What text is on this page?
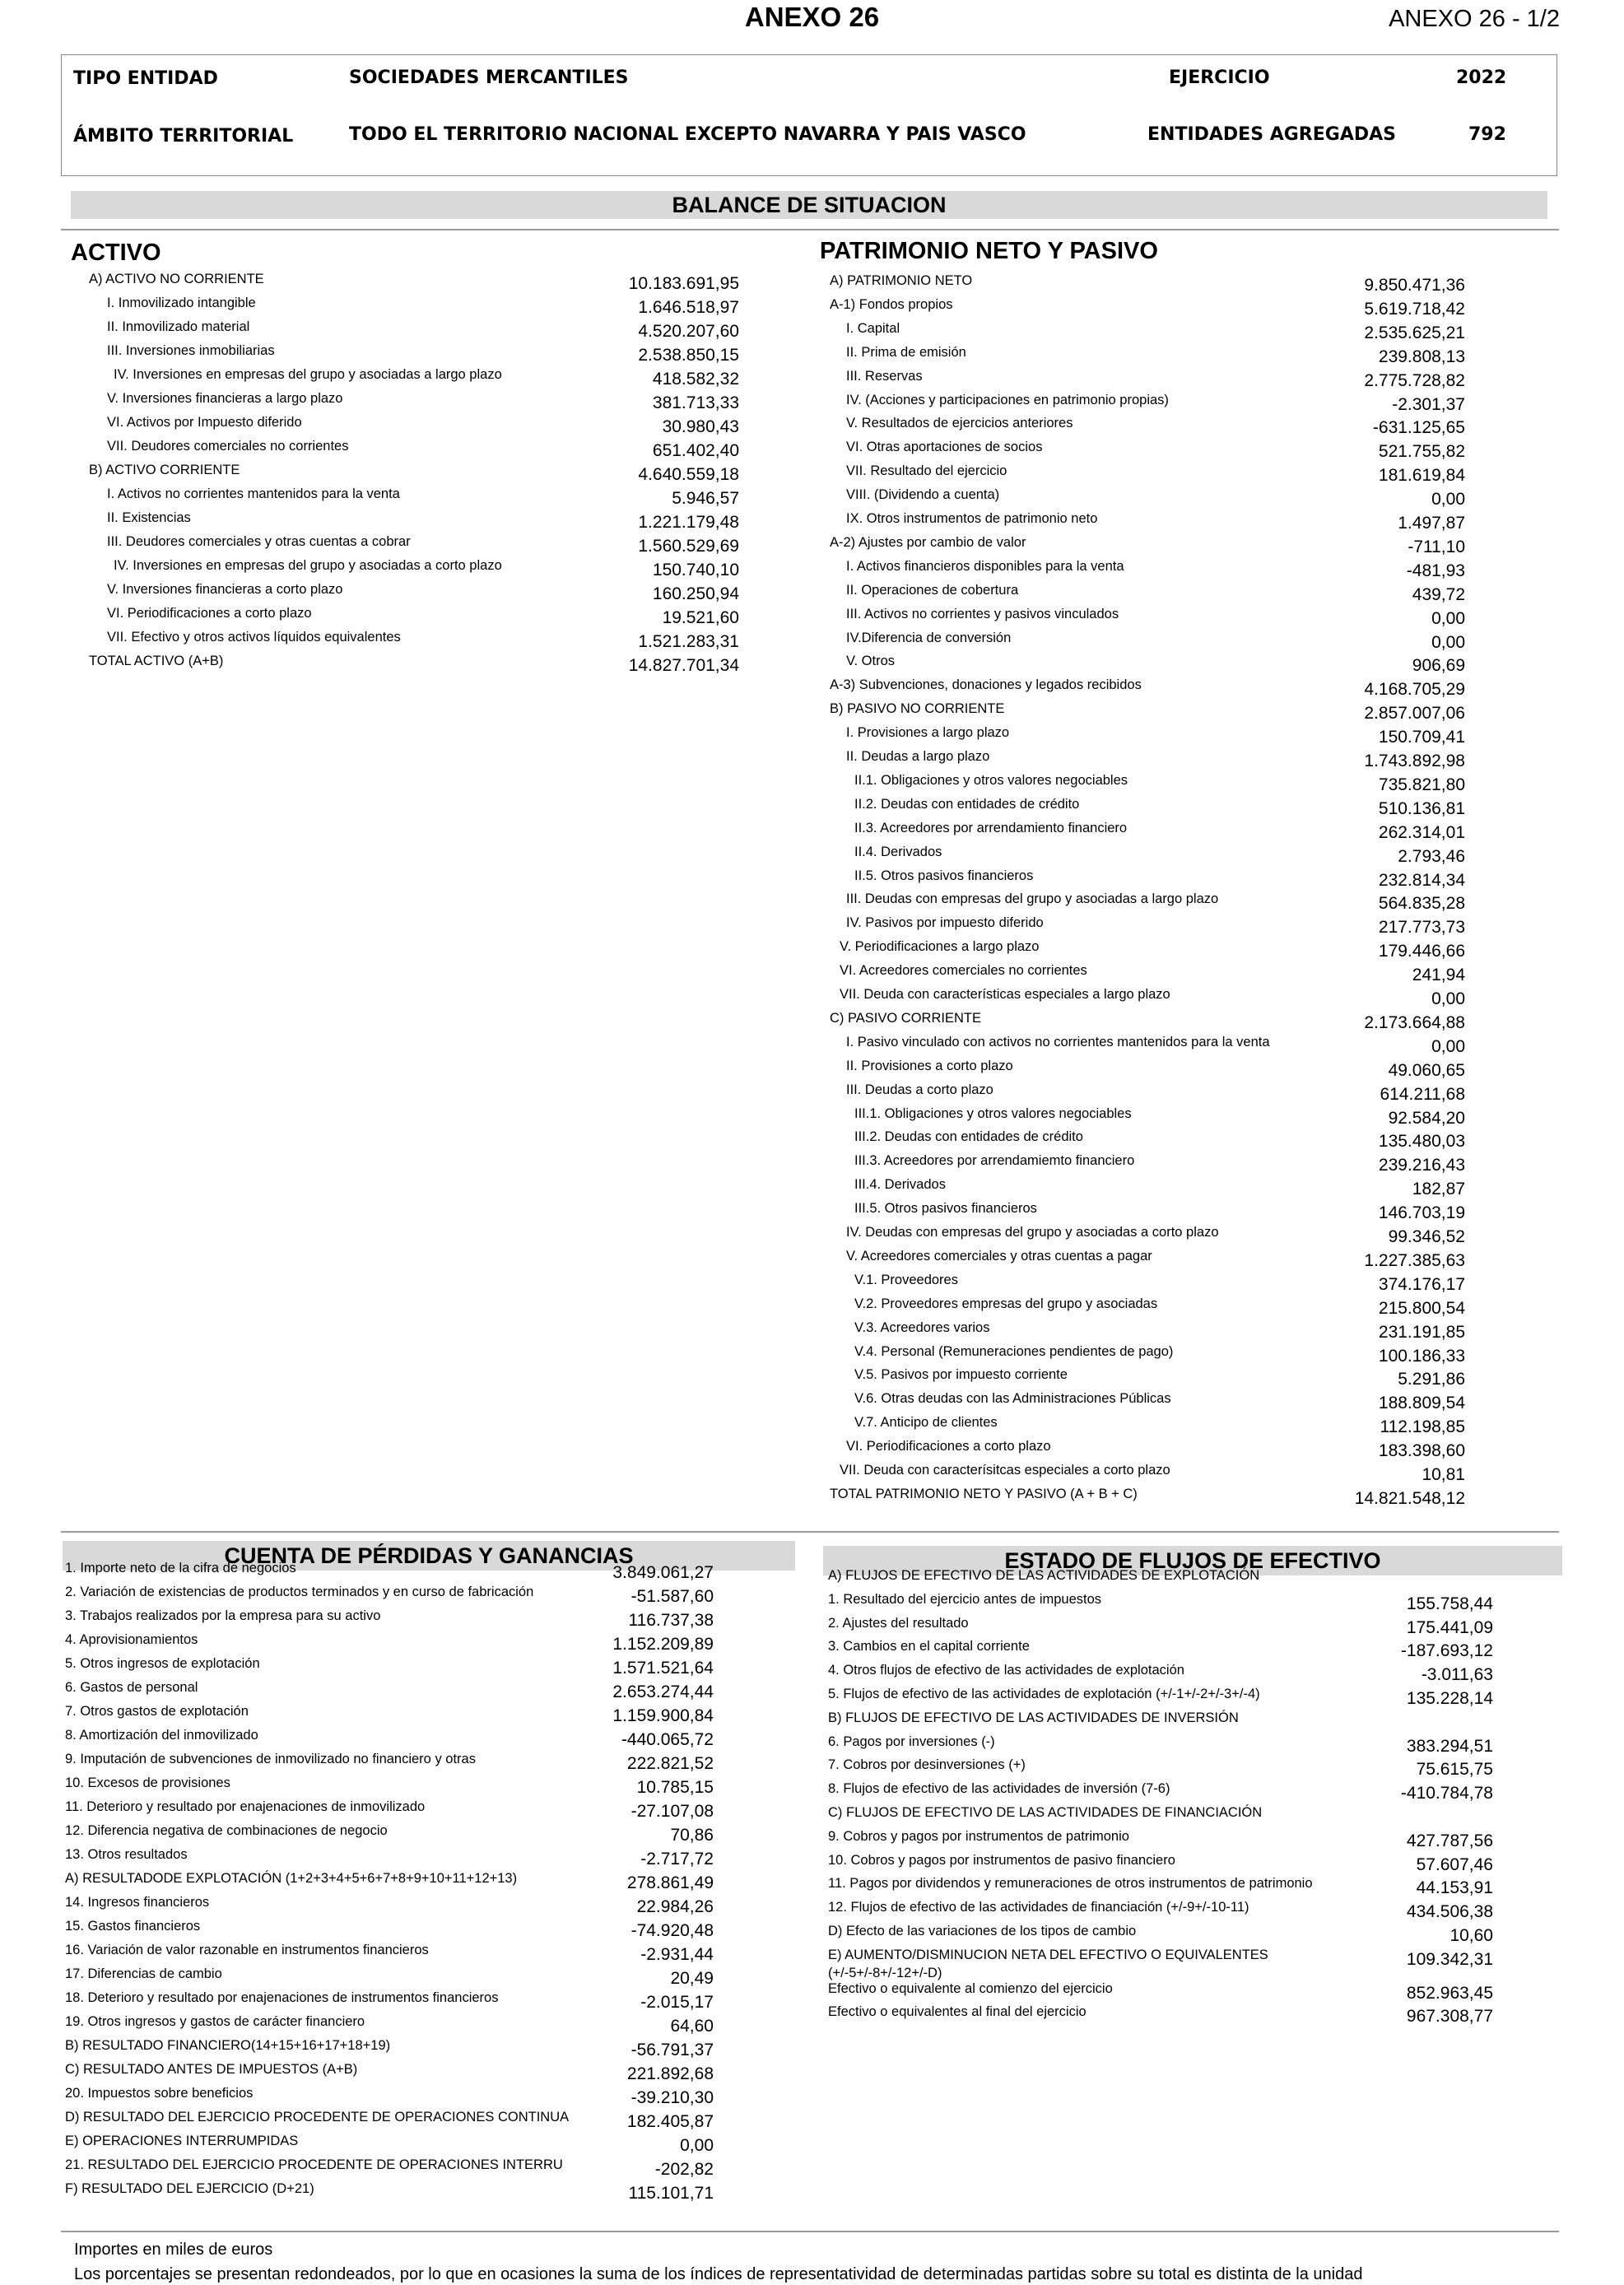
ANEXO 26	ANEXO 26 - 1/2
TIPO ENTIDAD	SOCIEDADES MERCANTILES	EJERCICIO	2022
ÁMBITO TERRITORIAL	TODO EL TERRITORIO NACIONAL EXCEPTO NAVARRA Y PAIS VASCO	ENTIDADES AGREGADAS	792
BALANCE DE SITUACION
ACTIVO	PATRIMONIO NETO Y PASIVO
A) ACTIVO NO CORRIENTE	10.183.691,95
I. Inmovilizado intangible	1.646.518,97
II. Inmovilizado material	4.520.207,60
III. Inversiones inmobiliarias	2.538.850,15
IV. Inversiones en empresas del grupo y asociadas a largo plazo	418.582,32
V. Inversiones financieras a largo plazo	381.713,33
VI. Activos por Impuesto diferido	30.980,43
VII. Deudores comerciales no corrientes	651.402,40
B) ACTIVO CORRIENTE	4.640.559,18
I. Activos no corrientes mantenidos para la venta	5.946,57
II. Existencias	1.221.179,48
III. Deudores comerciales y otras cuentas a cobrar	1.560.529,69
IV. Inversiones en empresas del grupo y asociadas a corto plazo	150.740,10
V. Inversiones financieras a corto plazo	160.250,94
VI. Periodificaciones a corto plazo	19.521,60
VII. Efectivo y otros activos líquidos equivalentes	1.521.283,31
TOTAL ACTIVO (A+B)	14.827.701,34
A) PATRIMONIO NETO	9.850.471,36
A-1) Fondos propios	5.619.718,42
I. Capital	2.535.625,21
II. Prima de emisión	239.808,13
III. Reservas	2.775.728,82
IV. (Acciones y participaciones en patrimonio propias)	-2.301,37
V. Resultados de ejercicios anteriores	-631.125,65
VI. Otras aportaciones de socios	521.755,82
VII. Resultado del ejercicio	181.619,84
VIII. (Dividendo a cuenta)	0,00
IX. Otros instrumentos de patrimonio neto	1.497,87
A-2) Ajustes por cambio de valor	-711,10
I. Activos financieros disponibles para la venta	-481,93
II. Operaciones de cobertura	439,72
III. Activos no corrientes y pasivos vinculados	0,00
IV.Diferencia de conversión	0,00
V. Otros	906,69
A-3) Subvenciones, donaciones y legados recibidos	4.168.705,29
B) PASIVO NO CORRIENTE	2.857.007,06
I. Provisiones a largo plazo	150.709,41
II. Deudas a largo plazo	1.743.892,98
II.1. Obligaciones y otros valores negociables	735.821,80
II.2. Deudas con entidades de crédito	510.136,81
II.3. Acreedores por arrendamiento financiero	262.314,01
II.4. Derivados	2.793,46
II.5. Otros pasivos financieros	232.814,34
III. Deudas con empresas del grupo y asociadas a largo plazo	564.835,28
IV. Pasivos por impuesto diferido	217.773,73
V. Periodificaciones a largo plazo	179.446,66
VI. Acreedores comerciales no corrientes	241,94
VII. Deuda con características especiales a largo plazo	0,00
C) PASIVO CORRIENTE	2.173.664,88
I. Pasivo vinculado con activos no corrientes mantenidos para la venta	0,00
II. Provisiones a corto plazo	49.060,65
III. Deudas a corto plazo	614.211,68
III.1. Obligaciones y otros valores negociables	92.584,20
III.2. Deudas con entidades de crédito	135.480,03
III.3. Acreedores por arrendamiemto financiero	239.216,43
III.4. Derivados	182,87
III.5. Otros pasivos financieros	146.703,19
IV. Deudas con empresas del grupo y asociadas a corto plazo	99.346,52
V. Acreedores comerciales y otras cuentas a pagar	1.227.385,63
V.1. Proveedores	374.176,17
V.2. Proveedores empresas del grupo y asociadas	215.800,54
V.3. Acreedores varios	231.191,85
V.4. Personal (Remuneraciones pendientes de pago)	100.186,33
V.5. Pasivos por impuesto corriente	5.291,86
V.6. Otras deudas con las Administraciones Públicas	188.809,54
V.7. Anticipo de clientes	112.198,85
VI. Periodificaciones a corto plazo	183.398,60
VII. Deuda con caracterísitcas especiales a corto plazo	10,81
TOTAL PATRIMONIO NETO Y PASIVO (A + B + C)	14.821.548,12
CUENTA DE PÉRDIDAS Y GANANCIAS
1. Importe neto de la cifra de negocios	3.849.061,27
2. Variación de existencias de productos terminados y en curso de fabricación	-51.587,60
3. Trabajos realizados por la empresa para su activo	116.737,38
4. Aprovisionamientos	1.152.209,89
5. Otros ingresos de explotación	1.571.521,64
6. Gastos de personal	2.653.274,44
7. Otros gastos de explotación	1.159.900,84
8. Amortización del inmovilizado	-440.065,72
9. Imputación de subvenciones de inmovilizado no financiero y otras	222.821,52
10. Excesos de provisiones	10.785,15
11. Deterioro y resultado por enajenaciones de inmovilizado	-27.107,08
12. Diferencia negativa de combinaciones de negocio	70,86
13. Otros resultados	-2.717,72
A) RESULTADODE EXPLOTACIÓN (1+2+3+4+5+6+7+8+9+10+11+12+13)	278.861,49
14. Ingresos financieros	22.984,26
15. Gastos financieros	-74.920,48
16. Variación de valor razonable en instrumentos financieros	-2.931,44
17. Diferencias de cambio	20,49
18. Deterioro y resultado por enajenaciones de instrumentos financieros	-2.015,17
19. Otros ingresos y gastos de carácter financiero	64,60
B) RESULTADO FINANCIERO(14+15+16+17+18+19)	-56.791,37
C) RESULTADO ANTES DE IMPUESTOS (A+B)	221.892,68
20. Impuestos sobre beneficios	-39.210,30
D) RESULTADO DEL EJERCICIO PROCEDENTE DE OPERACIONES CONTINUA	182.405,87
E) OPERACIONES INTERRUMPIDAS	0,00
21. RESULTADO DEL EJERCICIO PROCEDENTE DE OPERACIONES INTERRU	-202,82
F) RESULTADO DEL EJERCICIO (D+21)	115.101,71
ESTADO DE FLUJOS DE EFECTIVO
A) FLUJOS DE EFECTIVO DE LAS ACTIVIDADES DE EXPLOTACIÓN
1. Resultado del ejercicio antes de impuestos	155.758,44
2. Ajustes del resultado	175.441,09
3. Cambios en el capital corriente	-187.693,12
4. Otros flujos de efectivo de las actividades de explotación	-3.011,63
5. Flujos de efectivo de las actividades de explotación (+/-1+/-2+/-3+/-4)	135.228,14
B) FLUJOS DE EFECTIVO DE LAS ACTIVIDADES DE INVERSIÓN
6. Pagos por inversiones (-)	383.294,51
7. Cobros por desinversiones (+)	75.615,75
8. Flujos de efectivo de las actividades de inversión (7-6)	-410.784,78
C) FLUJOS DE EFECTIVO DE LAS ACTIVIDADES DE FINANCIACIÓN
9. Cobros y pagos por instrumentos de patrimonio	427.787,56
10. Cobros y pagos por instrumentos de pasivo financiero	57.607,46
11. Pagos por dividendos y remuneraciones de otros instrumentos de patrimonio	44.153,91
12. Flujos de efectivo de las actividades de financiación (+/-9+/-10-11)	434.506,38
D) Efecto de las variaciones de los tipos de cambio	10,60
E) AUMENTO/DISMINUCION NETA DEL EFECTIVO O EQUIVALENTES (+/-5+/-8+/-12+/-D)
109.342,31
Efectivo o equivalente al comienzo del ejercicio	852.963,45
Efectivo o equivalentes al final del ejercicio	967.308,77
Importes en miles de euros
Los porcentajes se presentan redondeados, por lo que en ocasiones la suma de los índices de representatividad de determinadas partidas sobre su total es distinta de la unidad
